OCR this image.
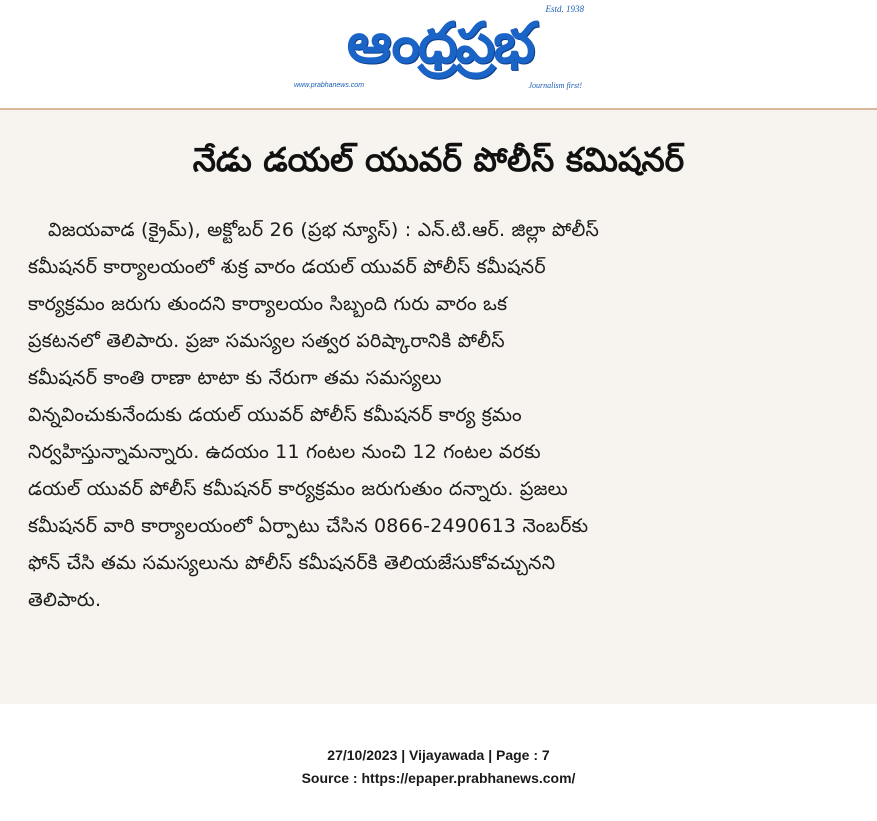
Estd. 1938
ఆంధ్రప్రభ
www.prabhanews.com	Journalism first!
నేడు డయల్‌ యువర్‌ పోలీస్‌ కమిషనర్‌
విజయవాడ (క్రైమ్‌), అక్టోబర్‌ 26 (ప్రభ న్యూస్‌) : ఎన్‌.టి.ఆర్‌. జిల్లా పోలీస్‌
కమీషనర్‌ కార్యాలయంలో శుక్ర వారం డయల్‌ యువర్‌ పోలీస్‌ కమీషనర్‌
కార్యక్రమం జరుగు తుందని కార్యాలయం సిబ్బంది గురు వారం ఒక
ప్రకటనలో తెలిపారు. ప్రజా సమస్యల సత్వర పరిష్కారానికి పోలీస్‌
కమీషనర్‌ కాంతి రాణా టాటా కు నేరుగా తమ సమస్యలు
విన్నవించుకునేందుకు డయల్‌ యువర్‌ పోలీస్‌ కమీషనర్‌ కార్య క్రమం
నిర్వహిస్తున్నామన్నారు. ఉదయం 11 గంటల నుంచి 12 గంటల వరకు
డయల్‌ యువర్‌ పోలీస్‌ కమీషనర్‌ కార్యక్రమం జరుగుతుం దన్నారు. ప్రజలు
కమీషనర్‌ వారి కార్యాలయంలో ఏర్పాటు చేసిన 0866-2490613 నెంబర్‌కు
ఫోన్‌ చేసి తమ సమస్యలును పోలీస్‌ కమీషనర్‌కి తెలియజేసుకోవచ్చునని
తెలిపారు.
27/10/2023 | Vijayawada | Page : 7
Source : https://epaper.prabhanews.com/
